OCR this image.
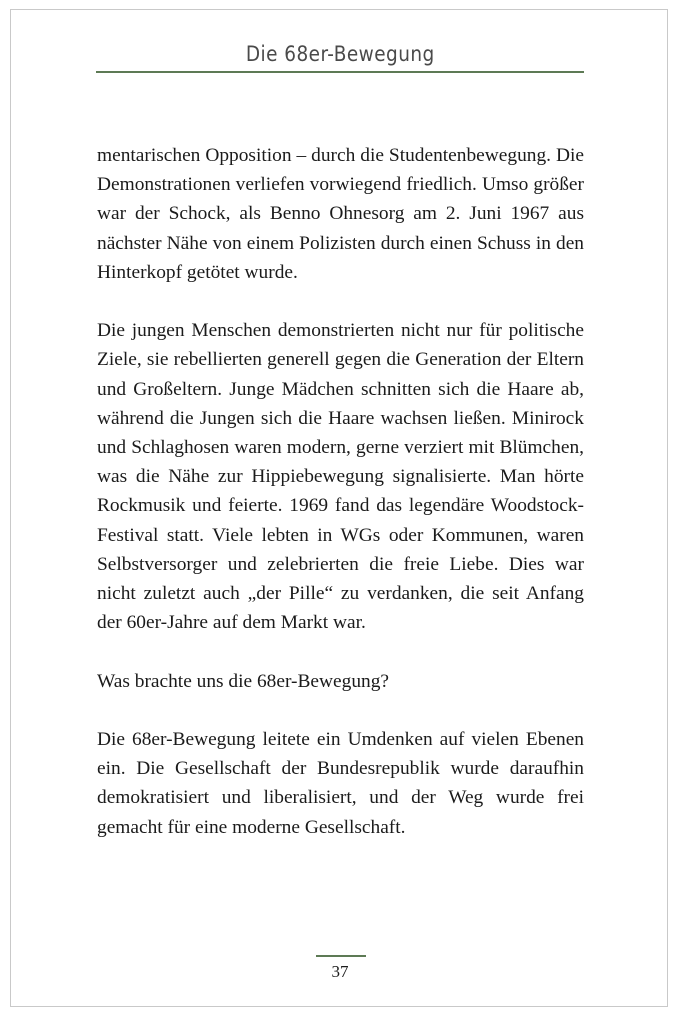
Die 68er-Bewegung

mentarischen Opposition – durch die Studentenbewegung. Die Demonstrationen verliefen vorwiegend friedlich. Umso größer war der Schock, als Benno Ohnesorg am 2. Juni 1967 aus nächster Nähe von einem Polizisten durch einen Schuss in den Hinterkopf getötet wurde.

Die jungen Menschen demonstrierten nicht nur für politische Ziele, sie rebellierten generell gegen die Generation der Eltern und Großeltern. Junge Mädchen schnitten sich die Haare ab, während die Jungen sich die Haare wachsen ließen. Minirock und Schlaghosen waren modern, gerne verziert mit Blümchen, was die Nähe zur Hippiebewegung signalisierte. Man hörte Rockmusik und feierte. 1969 fand das legendäre Woodstock-Festival statt. Viele lebten in WGs oder Kommunen, waren Selbstversorger und zelebrierten die freie Liebe. Dies war nicht zuletzt auch „der Pille“ zu verdanken, die seit Anfang der 60er-Jahre auf dem Markt war.

Was brachte uns die 68er-Bewegung?

Die 68er-Bewegung leitete ein Umdenken auf vielen Ebenen ein. Die Gesellschaft der Bundesrepublik wurde daraufhin demokratisiert und liberalisiert, und der Weg wurde frei gemacht für eine moderne Gesellschaft.

37
